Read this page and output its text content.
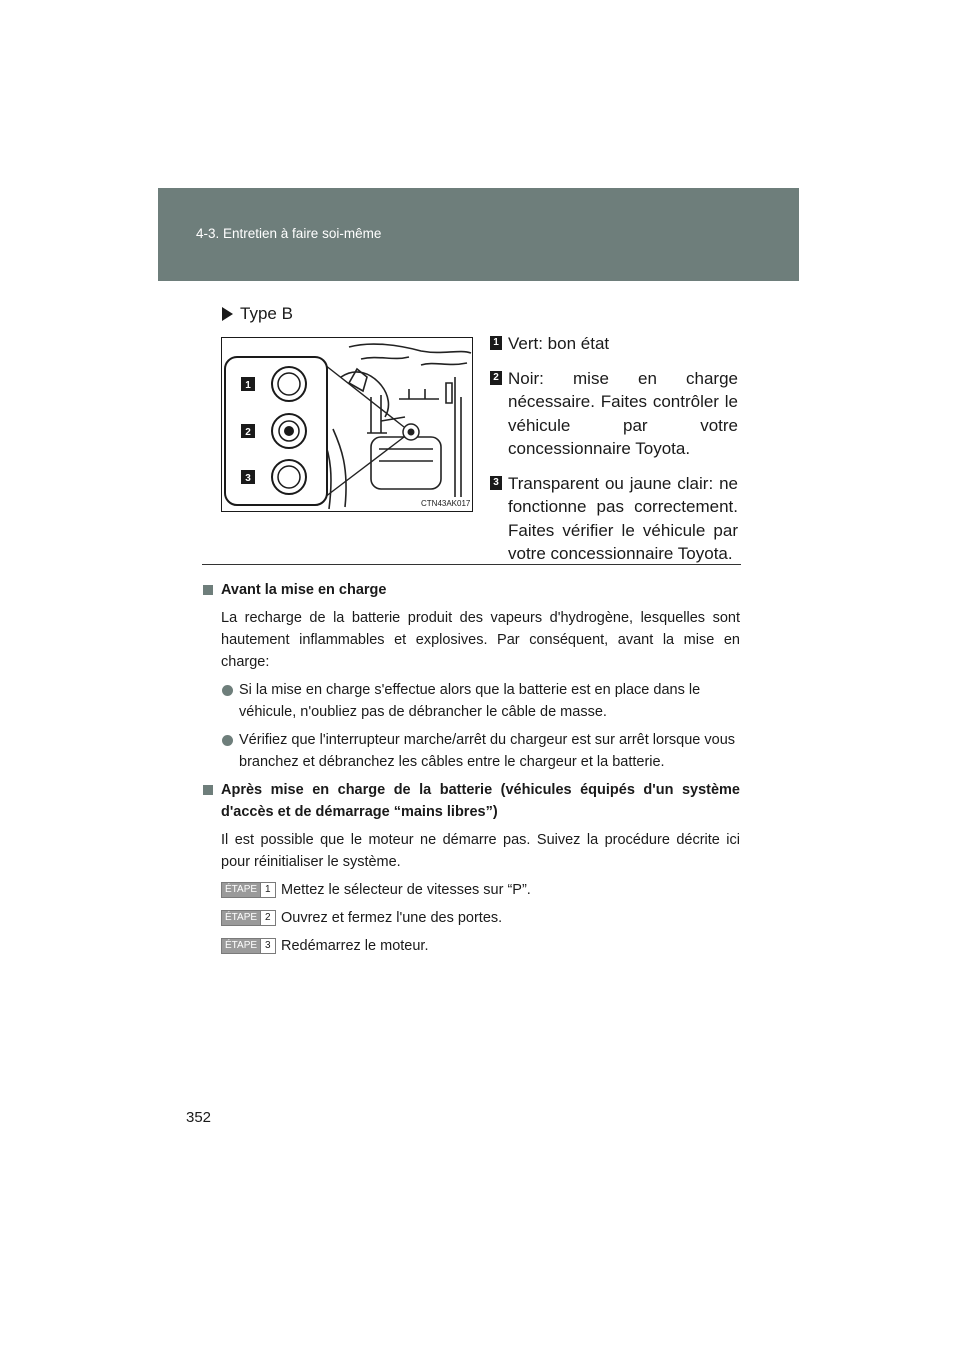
4-3. Entretien à faire soi-même
Type B
1
2
3
CTN43AK017
1 Vert: bon état
2 Noir: mise en charge nécessaire. Faites contrôler le véhicule par votre concessionnaire Toyota.
3 Transparent ou jaune clair: ne fonctionne pas correctement. Faites vérifier le véhicule par votre concessionnaire Toyota.
Avant la mise en charge
La recharge de la batterie produit des vapeurs d'hydrogène, lesquelles sont hautement inflammables et explosives. Par conséquent, avant la mise en charge:
Si la mise en charge s'effectue alors que la batterie est en place dans le véhicule, n'oubliez pas de débrancher le câble de masse.
Vérifiez que l'interrupteur marche/arrêt du chargeur est sur arrêt lorsque vous branchez et débranchez les câbles entre le chargeur et la batterie.
Après mise en charge de la batterie (véhicules équipés d'un système d'accès et de démarrage “mains libres”)
Il est possible que le moteur ne démarre pas. Suivez la procédure décrite ici pour réinitialiser le système.
ÉTAPE 1 Mettez le sélecteur de vitesses sur “P”.
ÉTAPE 2 Ouvrez et fermez l'une des portes.
ÉTAPE 3 Redémarrez le moteur.
352
